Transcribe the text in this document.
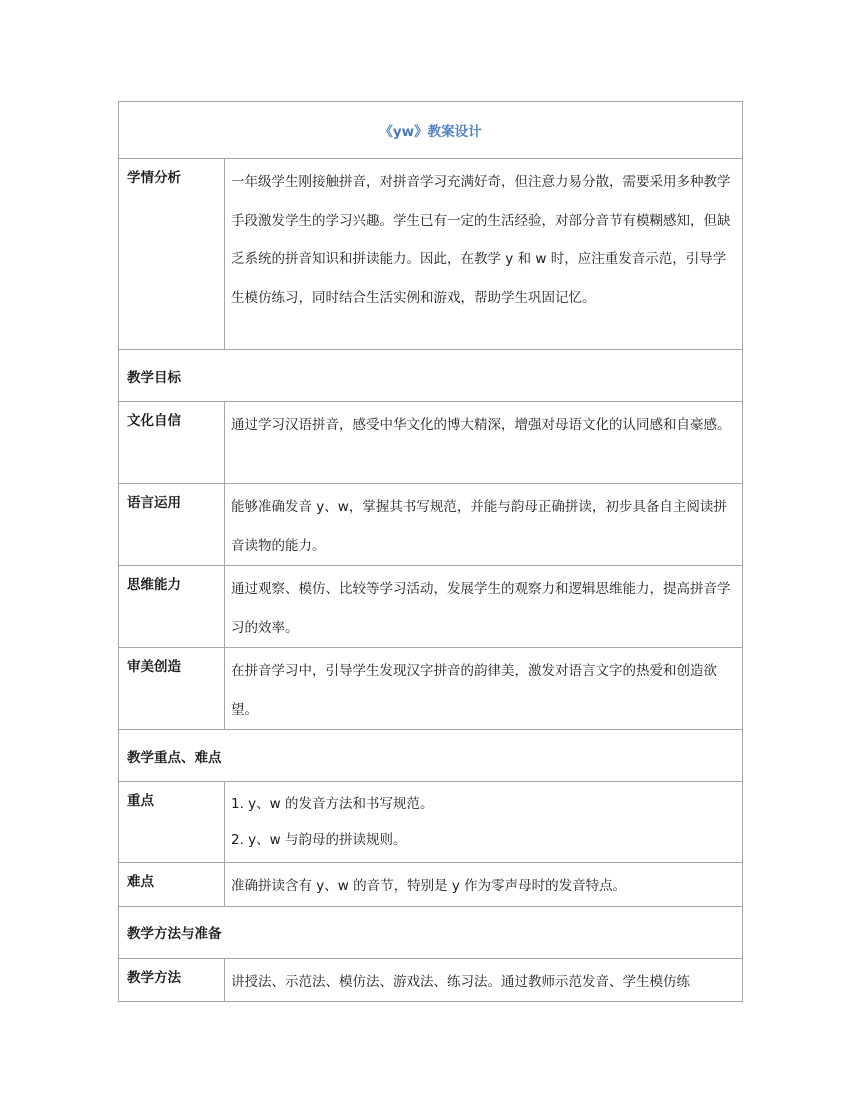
《yw》教案设计	
学情分析	一年级学生刚接触拼音，对拼音学习充满好奇，但注意力易分散，需要采用多种教学手段激发学生的学习兴趣。学生已有一定的生活经验，对部分音节有模糊感知，但缺乏系统的拼音知识和拼读能力。因此，在教学 y 和 w 时，应注重发音示范，引导学生模仿练习，同时结合生活实例和游戏，帮助学生巩固记忆。
教学目标	
文化自信	通过学习汉语拼音，感受中华文化的博大精深，增强对母语文化的认同感和自豪感。
语言运用	能够准确发音 y、w，掌握其书写规范，并能与韵母正确拼读，初步具备自主阅读拼音读物的能力。
思维能力	通过观察、模仿、比较等学习活动，发展学生的观察力和逻辑思维能力，提高拼音学习的效率。
审美创造	在拼音学习中，引导学生发现汉字拼音的韵律美，激发对语言文字的热爱和创造欲望。
教学重点、难点	
重点	1. y、w 的发音方法和书写规范。

2. y、w 与韵母的拼读规则。

难点	准确拼读含有 y、w 的音节，特别是 y 作为零声母时的发音特点。
教学方法与准备	
教学方法	讲授法、示范法、模仿法、游戏法、练习法。通过教师示范发音、学生模仿练
